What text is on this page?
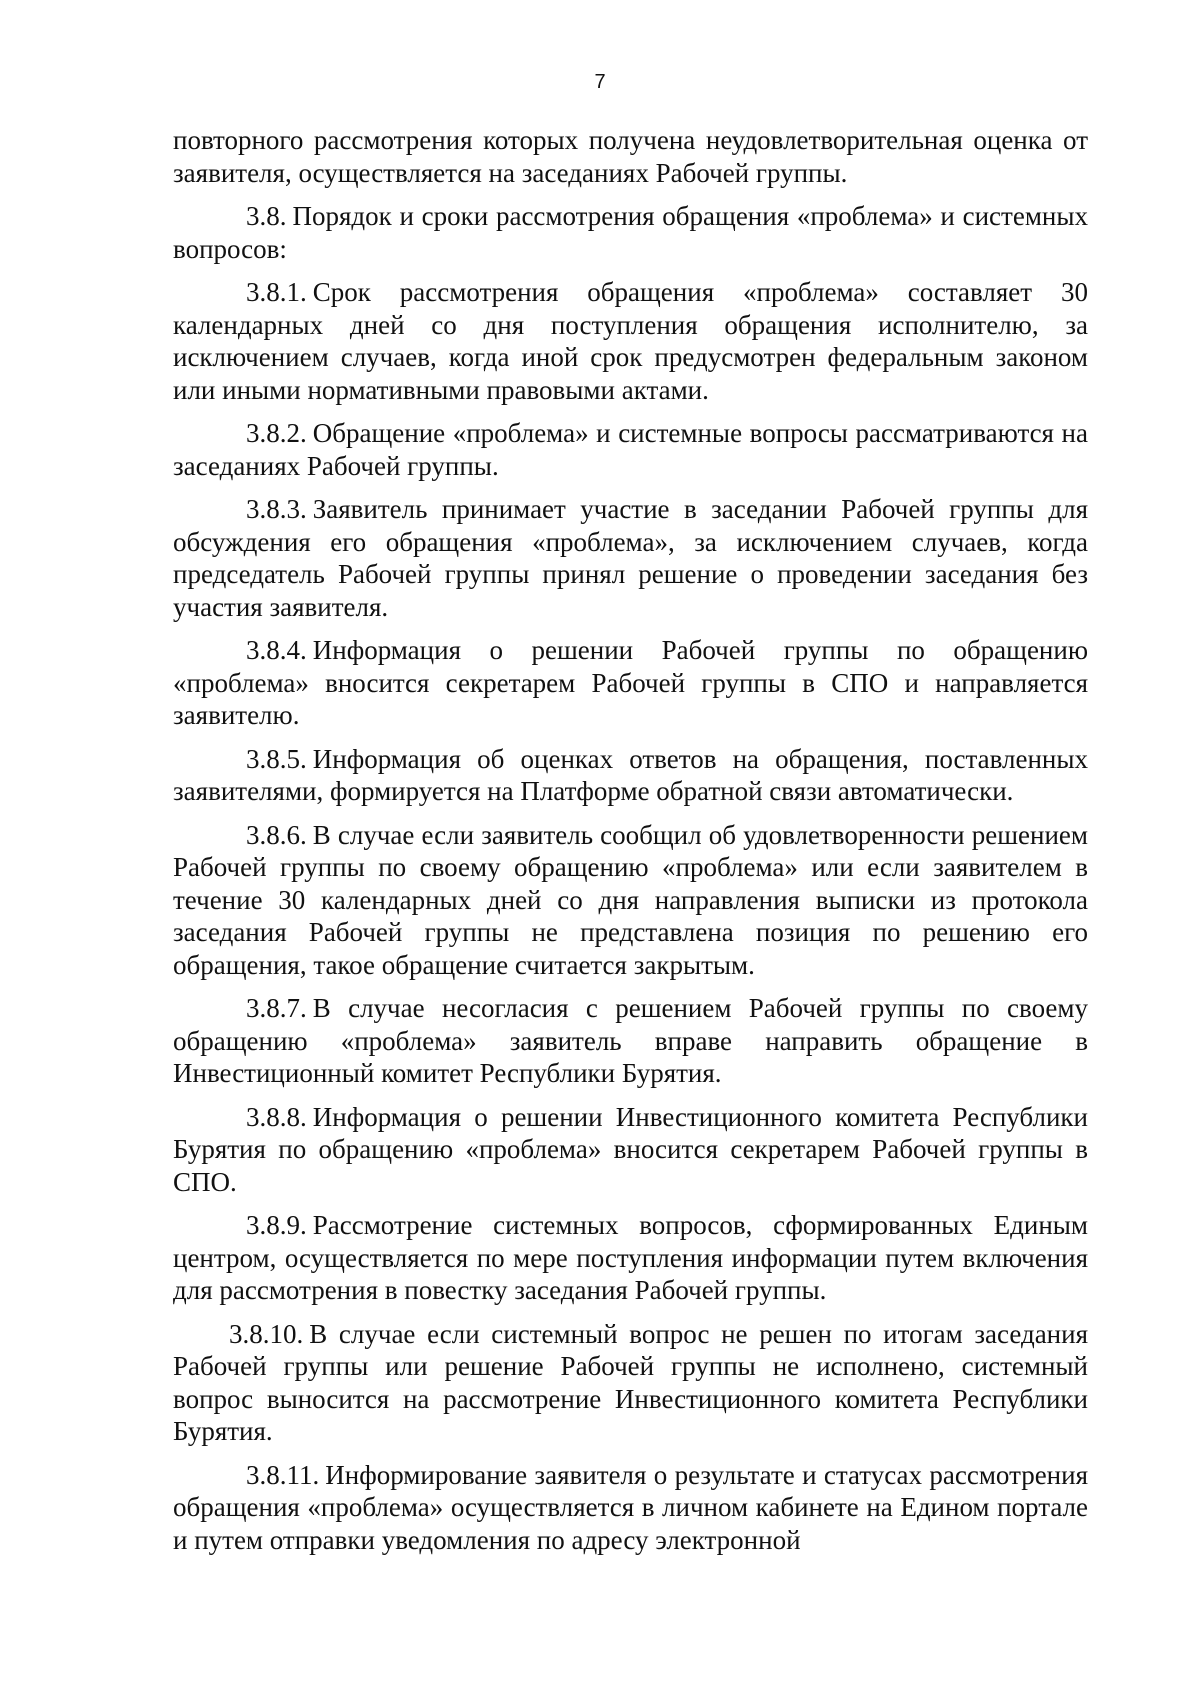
7

повторного рассмотрения которых получена неудовлетворительная оценка от заявителя, осуществляется на заседаниях Рабочей группы.

3.8. Порядок и сроки рассмотрения обращения «проблема» и системных вопросов:

3.8.1. Срок рассмотрения обращения «проблема» составляет 30 календарных дней со дня поступления обращения исполнителю, за исключением случаев, когда иной срок предусмотрен федеральным законом или иными нормативными правовыми актами.

3.8.2. Обращение «проблема» и системные вопросы рассматриваются на заседаниях Рабочей группы.

3.8.3. Заявитель принимает участие в заседании Рабочей группы для обсуждения его обращения «проблема», за исключением случаев, когда председатель Рабочей группы принял решение о проведении заседания без участия заявителя.

3.8.4. Информация о решении Рабочей группы по обращению «проблема» вносится секретарем Рабочей группы в СПО и направляется заявителю.

3.8.5. Информация об оценках ответов на обращения, поставленных заявителями, формируется на Платформе обратной связи автоматически.

3.8.6. В случае если заявитель сообщил об удовлетворенности решением Рабочей группы по своему обращению «проблема» или если заявителем в течение 30 календарных дней со дня направления выписки из протокола заседания Рабочей группы не представлена позиция по решению его обращения, такое обращение считается закрытым.

3.8.7. В случае несогласия с решением Рабочей группы по своему обращению «проблема» заявитель вправе направить обращение в Инвестиционный комитет Республики Бурятия.

3.8.8. Информация о решении Инвестиционного комитета Республики Бурятия по обращению «проблема» вносится секретарем Рабочей группы в СПО.

3.8.9. Рассмотрение системных вопросов, сформированных Единым центром, осуществляется по мере поступления информации путем включения для рассмотрения в повестку заседания Рабочей группы.

3.8.10. В случае если системный вопрос не решен по итогам заседания Рабочей группы или решение Рабочей группы не исполнено, системный вопрос выносится на рассмотрение Инвестиционного комитета Республики Бурятия.

3.8.11. Информирование заявителя о результате и статусах рассмотрения обращения «проблема» осуществляется в личном кабинете на Едином портале и путем отправки уведомления по адресу электронной
